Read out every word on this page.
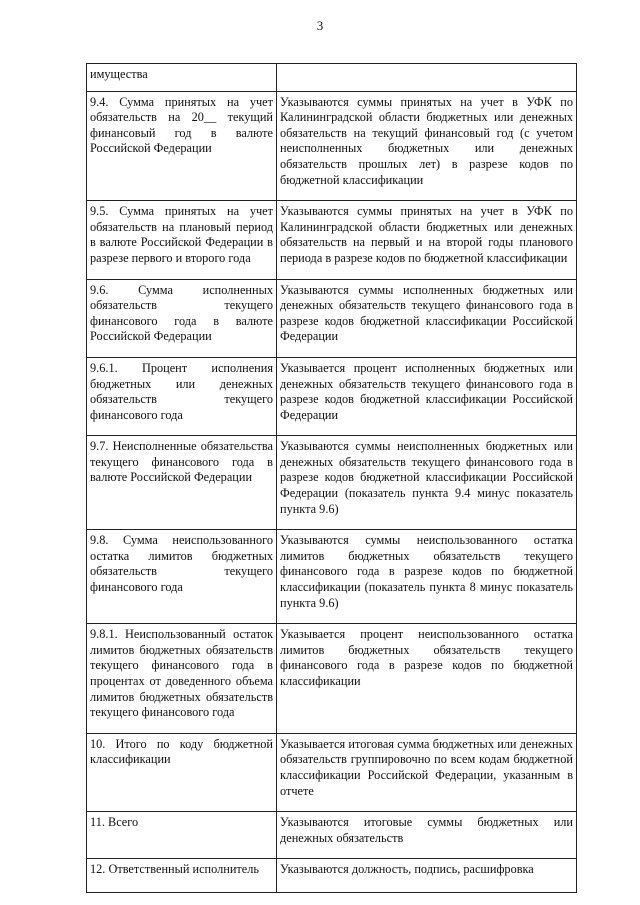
3
имущества	

9.4. Сумма принятых на учет обязательств на 20__ текущий финансовый год в валюте Российской Федерации	Указываются суммы принятых на учет в УФК по Калининградской области бюджетных или денежных обязательств на текущий финансовый год (с учетом неисполненных бюджетных или денежных обязательств прошлых лет) в разрезе кодов по бюджетной классификации

9.5. Сумма принятых на учет обязательств на плановый период в валюте Российской Федерации в разрезе первого и второго года	Указываются суммы принятых на учет в УФК по Калининградской области бюджетных или денежных обязательств на первый и на второй годы планового периода в разрезе кодов по бюджетной классификации

9.6. Сумма исполненных обязательств текущего финансового года в валюте Российской Федерации	Указываются суммы исполненных бюджетных или денежных обязательств текущего финансового года в разрезе кодов бюджетной классификации Российской Федерации

9.6.1. Процент исполнения бюджетных или денежных обязательств текущего финансового года	Указывается процент исполненных бюджетных или денежных обязательств текущего финансового года в разрезе кодов бюджетной классификации Российской Федерации

9.7. Неисполненные обязательства текущего финансового года в валюте Российской Федерации	Указываются суммы неисполненных бюджетных или денежных обязательств текущего финансового года в разрезе кодов бюджетной классификации Российской Федерации (показатель пункта 9.4 минус показатель пункта 9.6)

9.8. Сумма неиспользованного остатка лимитов бюджетных обязательств текущего финансового года	Указываются суммы неиспользованного остатка лимитов бюджетных обязательств текущего финансового года в разрезе кодов по бюджетной классификации (показатель пункта 8 минус показатель пункта 9.6)

9.8.1. Неиспользованный остаток лимитов бюджетных обязательств текущего финансового года в процентах от доведенного объема лимитов бюджетных обязательств текущего финансового года	Указывается процент неиспользованного остатка лимитов бюджетных обязательств текущего финансового года в разрезе кодов по бюджетной классификации

10. Итого по коду бюджетной классификации	Указывается итоговая сумма бюджетных или денежных обязательств группировочно по всем кодам бюджетной классификации Российской Федерации, указанным в отчете

11. Всего	Указываются итоговые суммы бюджетных или денежных обязательств

12. Ответственный исполнитель	Указываются должность, подпись, расшифровка
